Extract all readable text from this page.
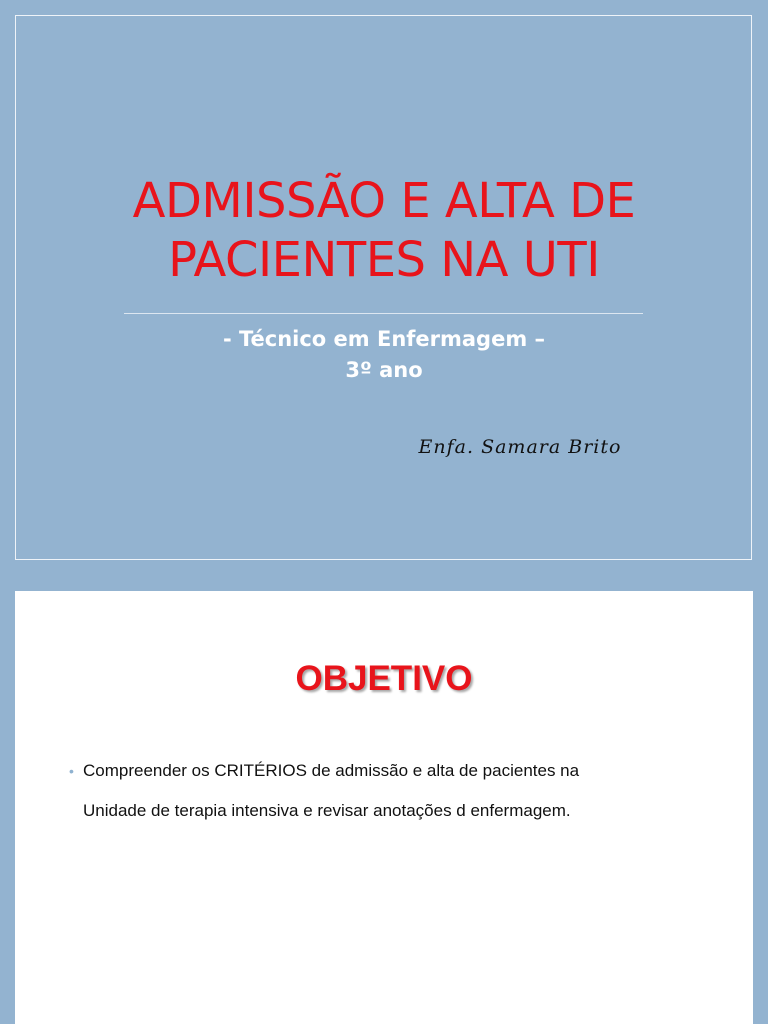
ADMISSÃO E ALTA DE
PACIENTES NA UTI
- Técnico em Enfermagem –
3º ano
Enfa. Samara Brito
OBJETIVO
• Compreender os CRITÉRIOS de admissão e alta de pacientes na
Unidade de terapia intensiva e revisar anotações d enfermagem.
